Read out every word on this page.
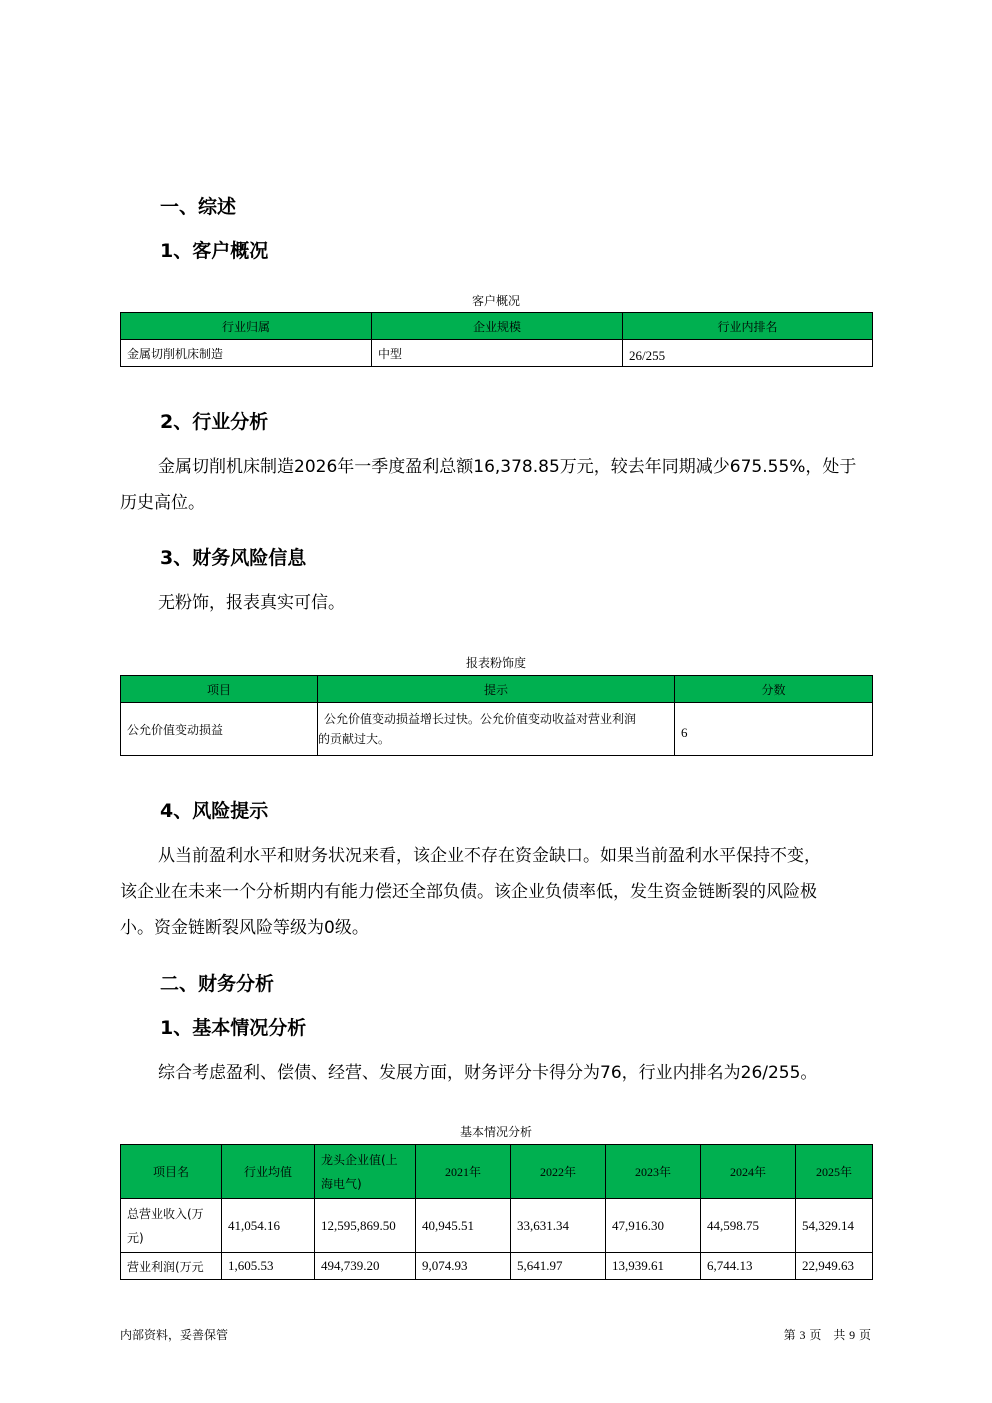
一、综述
1、客户概况
客户概况
行业归属	企业规模	行业内排名
金属切削机床制造	中型	26/255
2、行业分析
金属切削机床制造2026年一季度盈利总额16,378.85万元，较去年同期减少675.55%，处于
历史高位。
3、财务风险信息
无粉饰，报表真实可信。
报表粉饰度
项目	提示	分数
公允价值变动损益	公允价值变动损益增长过快。公允价值变动收益对营业利润
的贡献过大。	6
4、风险提示
从当前盈利水平和财务状况来看，该企业不存在资金缺口。如果当前盈利水平保持不变，
该企业在未来一个分析期内有能力偿还全部负债。该企业负债率低，发生资金链断裂的风险极
小。资金链断裂风险等级为0级。
二、财务分析
1、基本情况分析
综合考虑盈利、偿债、经营、发展方面，财务评分卡得分为76，行业内排名为26/255。
基本情况分析
项目名	行业均值	龙头企业值(上海电气)	2021年	2022年	2023年	2024年	2025年
总营业收入(万元)	41,054.16	12,595,869.50	40,945.51	33,631.34	47,916.30	44,598.75	54,329.14
营业利润(万元	1,605.53	494,739.20	9,074.93	5,641.97	13,939.61	6,744.13	22,949.63
内部资料，妥善保管	第 3 页　共 9 页
